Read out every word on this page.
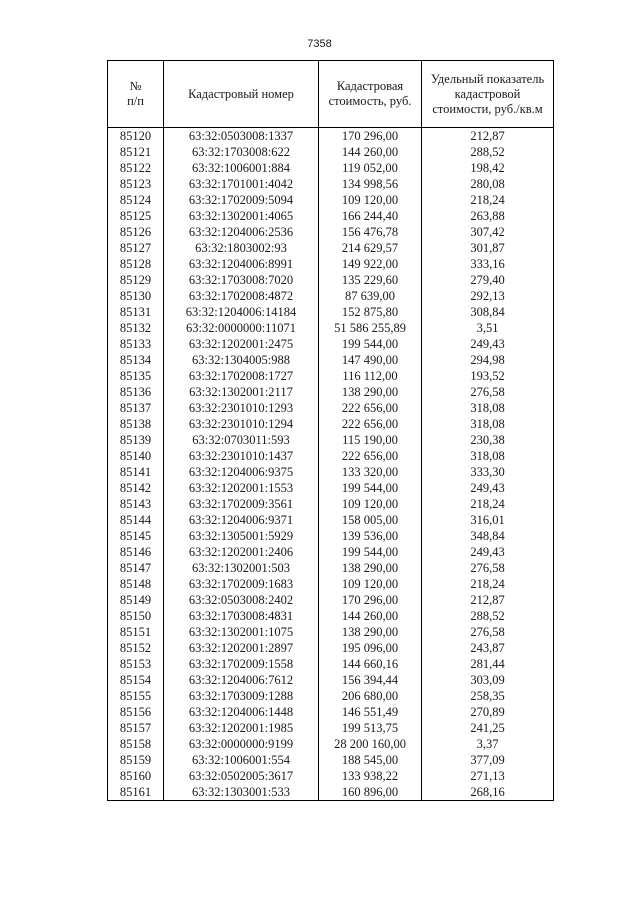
7358
№
п/п	Кадастровый номер	Кадастровая стоимость, руб.	Удельный показатель кадастровой стоимости, руб./кв.м
85120	63:32:0503008:1337	170 296,00	212,87
85121	63:32:1703008:622	144 260,00	288,52
85122	63:32:1006001:884	119 052,00	198,42
85123	63:32:1701001:4042	134 998,56	280,08
85124	63:32:1702009:5094	109 120,00	218,24
85125	63:32:1302001:4065	166 244,40	263,88
85126	63:32:1204006:2536	156 476,78	307,42
85127	63:32:1803002:93	214 629,57	301,87
85128	63:32:1204006:8991	149 922,00	333,16
85129	63:32:1703008:7020	135 229,60	279,40
85130	63:32:1702008:4872	87 639,00	292,13
85131	63:32:1204006:14184	152 875,80	308,84
85132	63:32:0000000:11071	51 586 255,89	3,51
85133	63:32:1202001:2475	199 544,00	249,43
85134	63:32:1304005:988	147 490,00	294,98
85135	63:32:1702008:1727	116 112,00	193,52
85136	63:32:1302001:2117	138 290,00	276,58
85137	63:32:2301010:1293	222 656,00	318,08
85138	63:32:2301010:1294	222 656,00	318,08
85139	63:32:0703011:593	115 190,00	230,38
85140	63:32:2301010:1437	222 656,00	318,08
85141	63:32:1204006:9375	133 320,00	333,30
85142	63:32:1202001:1553	199 544,00	249,43
85143	63:32:1702009:3561	109 120,00	218,24
85144	63:32:1204006:9371	158 005,00	316,01
85145	63:32:1305001:5929	139 536,00	348,84
85146	63:32:1202001:2406	199 544,00	249,43
85147	63:32:1302001:503	138 290,00	276,58
85148	63:32:1702009:1683	109 120,00	218,24
85149	63:32:0503008:2402	170 296,00	212,87
85150	63:32:1703008:4831	144 260,00	288,52
85151	63:32:1302001:1075	138 290,00	276,58
85152	63:32:1202001:2897	195 096,00	243,87
85153	63:32:1702009:1558	144 660,16	281,44
85154	63:32:1204006:7612	156 394,44	303,09
85155	63:32:1703009:1288	206 680,00	258,35
85156	63:32:1204006:1448	146 551,49	270,89
85157	63:32:1202001:1985	199 513,75	241,25
85158	63:32:0000000:9199	28 200 160,00	3,37
85159	63:32:1006001:554	188 545,00	377,09
85160	63:32:0502005:3617	133 938,22	271,13
85161	63:32:1303001:533	160 896,00	268,16
